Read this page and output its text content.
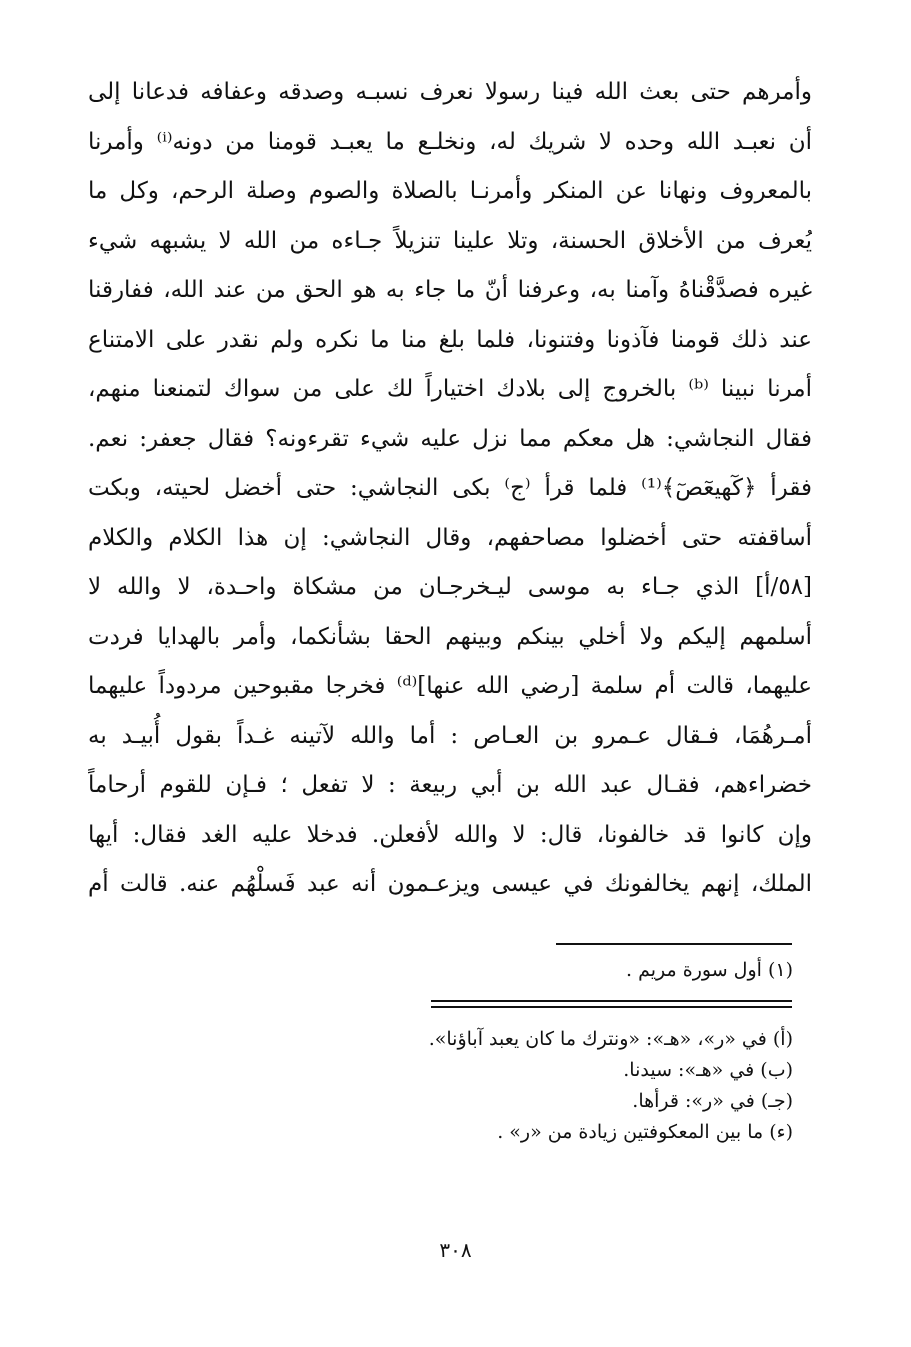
وأمرهم حتى بعث الله فينا رسولا نعرف نسبـه وصدقه وعفافه فدعانا إلى
أن نعبـد الله وحده لا شريك له، ونخلـع ما يعبـد قومنا من دونه⁽ⁱ⁾ وأمرنا
بالمعروف ونهانا عن المنكر وأمرنـا بالصلاة والصوم وصلة الرحم، وكل ما
يُعرف من الأخلاق الحسنة، وتلا علينا تنزيلاً جـاءه من الله لا يشبهه شيء
غيره فصدَّقْناهُ وآمنا به، وعرفنا أنّ ما جاء به هو الحق من عند الله، ففارقنا
عند ذلك قومنا فآذونا وفتنونا، فلما بلغ منا ما نكره ولم نقدر على الامتناع
أمرنا نبينا ⁽ᵇ⁾ بالخروج إلى بلادك اختياراً لك على من سواك لتمنعنا منهم،
فقال النجاشي: هل معكم مما نزل عليه شيء تقرءونه؟ فقال جعفر: نعم.
فقرأ ﴿كٓهيعٓصٓ﴾⁽¹⁾ فلما قرأ ⁽ج⁾ بكى النجاشي: حتى أخضل لحيته، وبكت
أساقفته حتى أخضلوا مصاحفهم، وقال النجاشي: إن هذا الكلام والكلام
[٥٨/أ] الذي جـاء به موسى ليـخرجـان من مشكاة واحـدة، لا والله لا
أسلمهم إليكم ولا أخلي بينكم وبينهم الحقا بشأنكما، وأمر بالهدايا فردت
عليهما، قالت أم سلمة [رضي الله عنها]⁽ᵈ⁾ فخرجا مقبوحين مردوداً عليهما
أمـرهُمَا، فـقال عـمرو بن العـاص : أما والله لآتينه غـداً بقول أُبيـد به
خضراءهم، فقـال عبد الله بن أبي ربيعة : لا تفعل ؛ فـإن للقوم أرحاماً
وإن كانوا قد خالفونا، قال: لا والله لأفعلن. فدخلا عليه الغد فقال: أيها
الملك، إنهم يخالفونك في عيسى ويزعـمون أنه عبد فَسلْهُم عنه. قالت أم
(١) أول سورة مريم .
(أ) في «ر»، «هـ»: «ونترك ما كان يعبد آباؤنا».
(ب) في «هـ»: سيدنا.
(جـ) في «ر»: قرأها.
(ء) ما بين المعكوفتين زيادة من «ر» .
٣٠٨
